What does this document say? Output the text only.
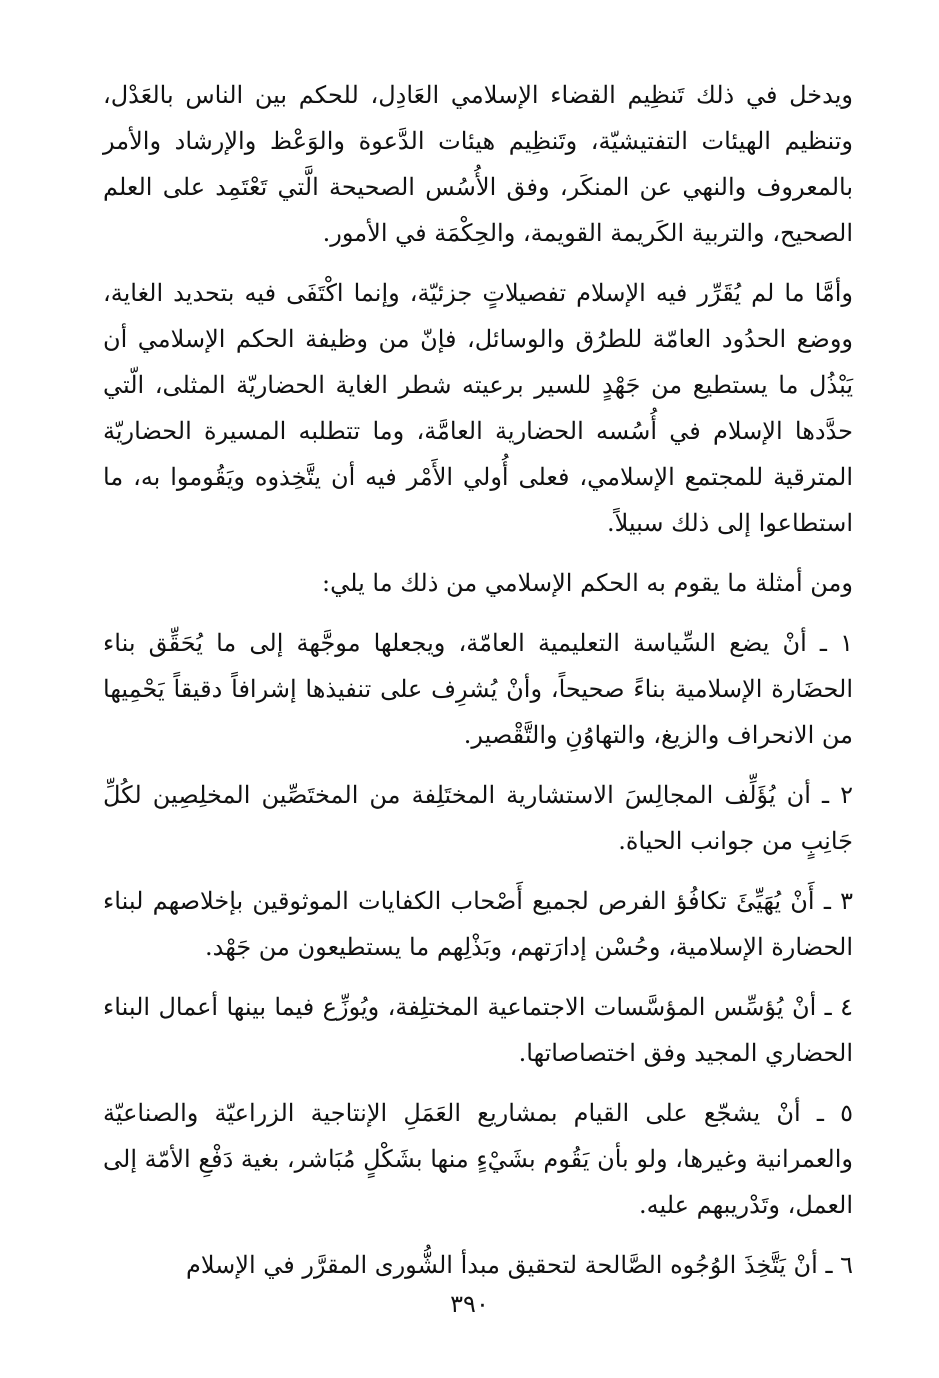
ويدخل في ذلك تَنظِيم القضاء الإسلامي العَادِل، للحكم بين الناس بالعَدْل، وتنظيم الهيئات التفتيشيّة، وتَنظِيم هيئات الدَّعوة والوَعْظ والإرشاد والأمر بالمعروف والنهي عن المنكَر، وفق الأُسُس الصحيحة الَّتي تَعْتَمِد على العلم الصحيح، والتربية الكَريمة القويمة، والحِكْمَة في الأمور.

وأمَّا ما لم يُقَرِّر فيه الإسلام تفصيلاتٍ جزئيّة، وإنما اكْتَفَى فيه بتحديد الغاية، ووضع الحدُود العامّة للطرُق والوسائل، فإنّ من وظيفة الحكم الإسلامي أن يَبْذُل ما يستطيع من جَهْدٍ للسير برعيته شطر الغاية الحضاريّة المثلى، الّتي حدَّدها الإسلام في أُسُسه الحضارية العامَّة، وما تتطلبه المسيرة الحضاريّة المترقية للمجتمع الإسلامي، فعلى أُولي الأَمْر فيه أن يتَّخِذوه ويَقُوموا به، ما استطاعوا إلى ذلك سبيلاً.

ومن أمثلة ما يقوم به الحكم الإسلامي من ذلك ما يلي:

١ ـ أنْ يضع السِّياسة التعليمية العامّة، ويجعلها موجَّهة إلى ما يُحَقِّق بناء الحضَارة الإسلامية بناءً صحيحاً، وأنْ يُشرِف على تنفيذها إشرافاً دقيقاً يَحْمِيها من الانحراف والزيغ، والتهاوُنِ والتَّقْصير.

٢ ـ أن يُؤَلِّف المجالِسَ الاستشارية المختَلِفة من المختَصِّين المخلِصِين لكُلِّ جَانِبٍ من جوانب الحياة.

٣ ـ أَنْ يُهَيِّئَ تكافُؤ الفرص لجميع أَصْحاب الكفايات الموثوقين بإخلاصهم لبناء الحضارة الإسلامية، وحُسْن إدارَتهم، وبَذْلِهم ما يستطيعون من جَهْد.

٤ ـ أنْ يُؤسِّس المؤسَّسات الاجتماعية المختلِفة، ويُوزِّع فيما بينها أعمال البناء الحضاري المجيد وفق اختصاصاتها.

٥ ـ أنْ يشجّع على القيام بمشاريع العَمَلِ الإنتاجية الزراعيّة والصناعيّة والعمرانية وغيرها، ولو بأن يَقُوم بشَيْءٍ منها بشَكْلٍ مُبَاشر، بغية دَفْعِ الأمّة إلى العمل، وتَدْريبهم عليه.

٦ ـ أنْ يَتَّخِذَ الوُجُوه الصَّالحة لتحقيق مبدأ الشُّورى المقرَّر في الإسلام

٣٩٠
